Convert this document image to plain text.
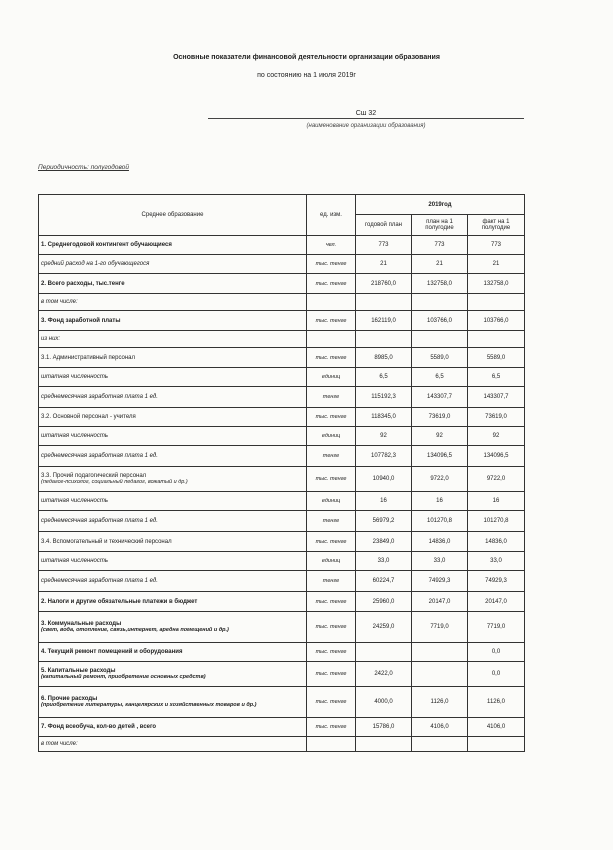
Основные показатели финансовой деятельности организации образования
по состоянию на 1 июля 2019г
Сш 32
(наименование организации образования)
Периодичность: полугодовой
Среднее образование	ед. изм.	2019год		
		годовой план	план на 1 полугодие	факт на 1 полугодие
1. Среднегодовой контингент обучающиеся	чел.	773	773	773
средний расход на 1-го обучающегося	тыс. тенге	21	21	21
2. Всего расходы, тыс.тенге	тыс. тенге	218760,0	132758,0	132758,0
в том числе:

3. Фонд заработной платы	тыс. тенге	162119,0	103766,0	103766,0
из них:

3.1. Административный персонал	тыс. тенге	8985,0	5589,0	5589,0
штатная численность	единиц	6,5	6,5	6,5
среднемесячная заработная плата 1 ед.	тенге	115192,3	143307,7	143307,7
3.2. Основной персонал - учителя	тыс. тенге	118345,0	73619,0	73619,0
штатная численность	единиц	92	92	92
среднемесячная заработная плата 1 ед.	тенге	107782,3	134096,5	134096,5
3.3. Прочий подагогический персонал
(педагог-психолог, социальный педагог, вожатый и др.)	тыс. тенге	10940,0	9722,0	9722,0
штатная численность	единиц	16	16	16
среднемесячная заработная плата 1 ед.	тенге	56979,2	101270,8	101270,8
3.4. Вспомогательный и технический персонал	тыс. тенге	23849,0	14836,0	14836,0
штатная численность	единиц	33,0	33,0	33,0
среднемесячная заработная плата 1 ед.	тенге	60224,7	74929,3	74929,3
2. Налоги и другие обязательные платежи в бюджет	тыс. тенге	25960,0	20147,0	20147,0
3. Коммунальные расходы
(свет, вода, отопление, связь,интернет, аредна помещений и др.)	тыс. тенге	24259,0	7719,0	7719,0
4. Текущий ремонт помещений и оборудования	тыс. тенге			0,0
5. Капитальные расходы
(капитальный ремонт, приобретение основных средств)	тыс. тенге	2422,0		0,0
6. Прочие расходы
(приобретение литературы, канцелярских и хозяйственных товаров и др.)	тыс. тенге	4000,0	1126,0	1126,0
7. Фонд всеобуча, кол-во детей , всего	тыс. тенге	15786,0	4106,0	4106,0
в том числе:
